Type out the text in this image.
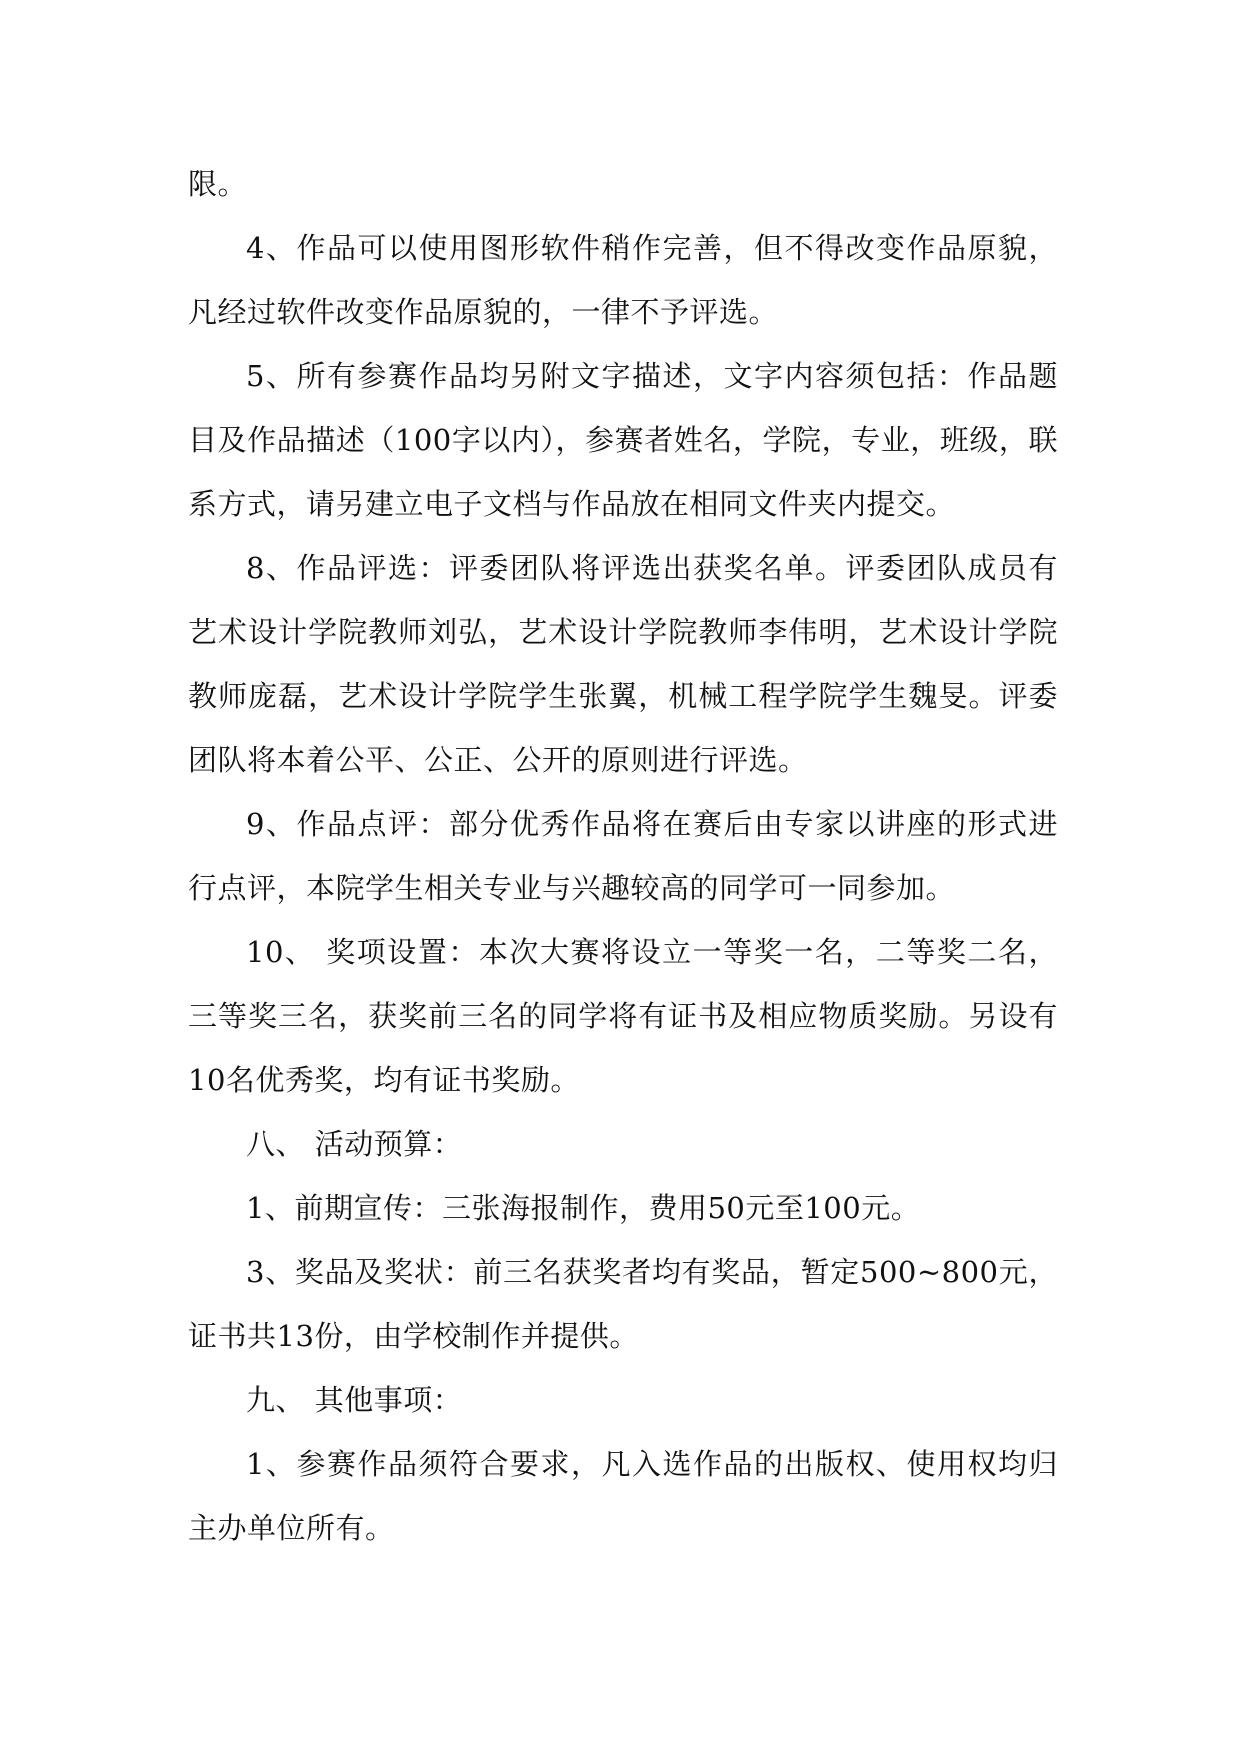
限。

4、作品可以使用图形软件稍作完善，但不得改变作品原貌，凡经过软件改变作品原貌的，一律不予评选。

5、所有参赛作品均另附文字描述，文字内容须包括：作品题目及作品描述（100字以内），参赛者姓名，学院，专业，班级，联系方式，请另建立电子文档与作品放在相同文件夹内提交。

8、作品评选：评委团队将评选出获奖名单。评委团队成员有艺术设计学院教师刘弘，艺术设计学院教师李伟明，艺术设计学院教师庞磊，艺术设计学院学生张翼，机械工程学院学生魏旻。评委团队将本着公平、公正、公开的原则进行评选。

9、作品点评：部分优秀作品将在赛后由专家以讲座的形式进行点评，本院学生相关专业与兴趣较高的同学可一同参加。

10、 奖项设置：本次大赛将设立一等奖一名，二等奖二名，三等奖三名，获奖前三名的同学将有证书及相应物质奖励。另设有10名优秀奖，均有证书奖励。

八、 活动预算：

1、前期宣传：三张海报制作，费用50元至100元。

3、奖品及奖状：前三名获奖者均有奖品，暂定500~800元，证书共13份，由学校制作并提供。

九、 其他事项：

1、参赛作品须符合要求，凡入选作品的出版权、使用权均归主办单位所有。
